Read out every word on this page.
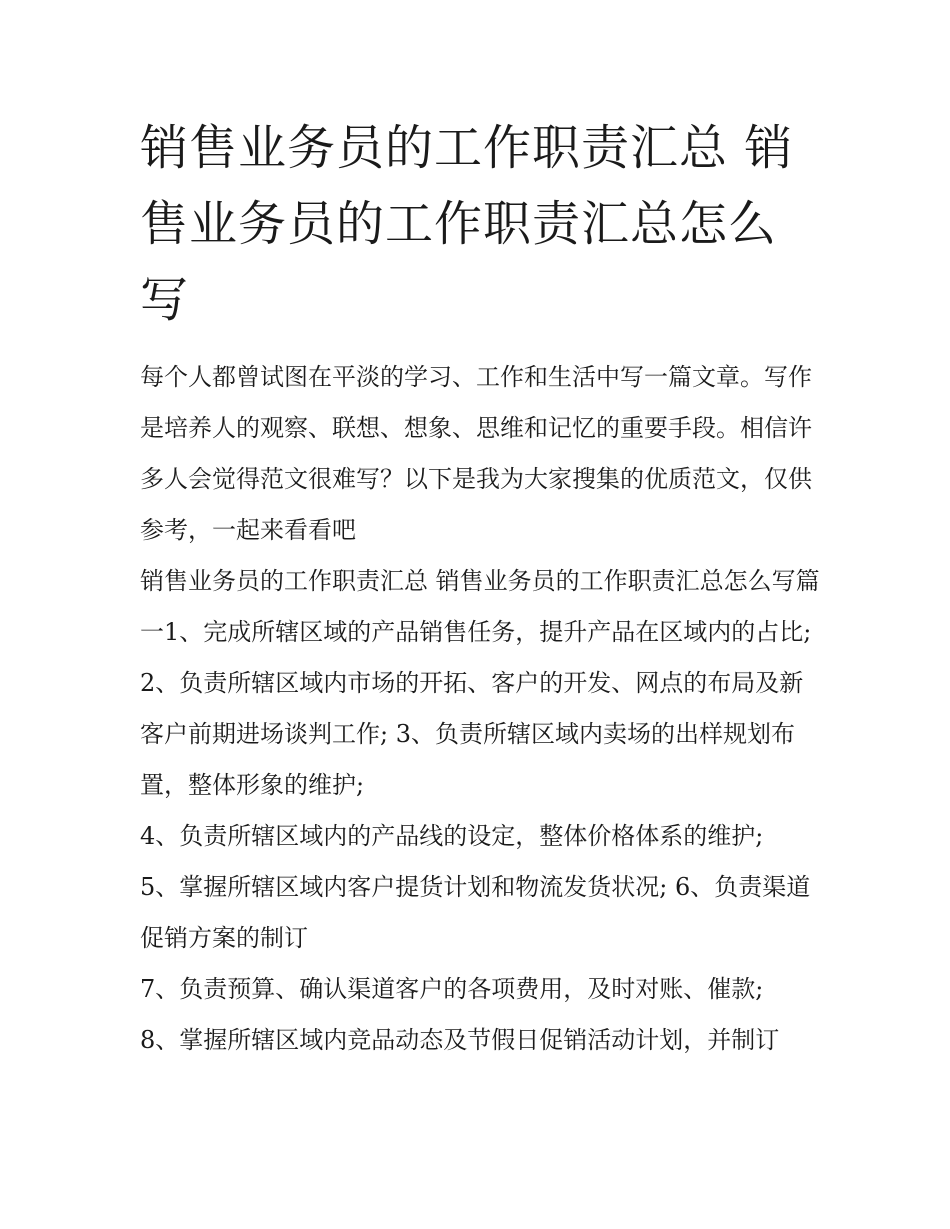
销售业务员的工作职责汇总 销售业务员的工作职责汇总怎么写

每个人都曾试图在平淡的学习、工作和生活中写一篇文章。写作是培养人的观察、联想、想象、思维和记忆的重要手段。相信许多人会觉得范文很难写？以下是我为大家搜集的优质范文，仅供参考，一起来看看吧

销售业务员的工作职责汇总 销售业务员的工作职责汇总怎么写篇一1、完成所辖区域的产品销售任务，提升产品在区域内的占比;

2、负责所辖区域内市场的开拓、客户的开发、网点的布局及新客户前期进场谈判工作; 3、负责所辖区域内卖场的出样规划布置，整体形象的维护;

4、负责所辖区域内的产品线的设定，整体价格体系的维护;

5、掌握所辖区域内客户提货计划和物流发货状况; 6、负责渠道促销方案的制订

7、负责预算、确认渠道客户的各项费用，及时对账、催款;

8、掌握所辖区域内竞品动态及节假日促销活动计划，并制订
